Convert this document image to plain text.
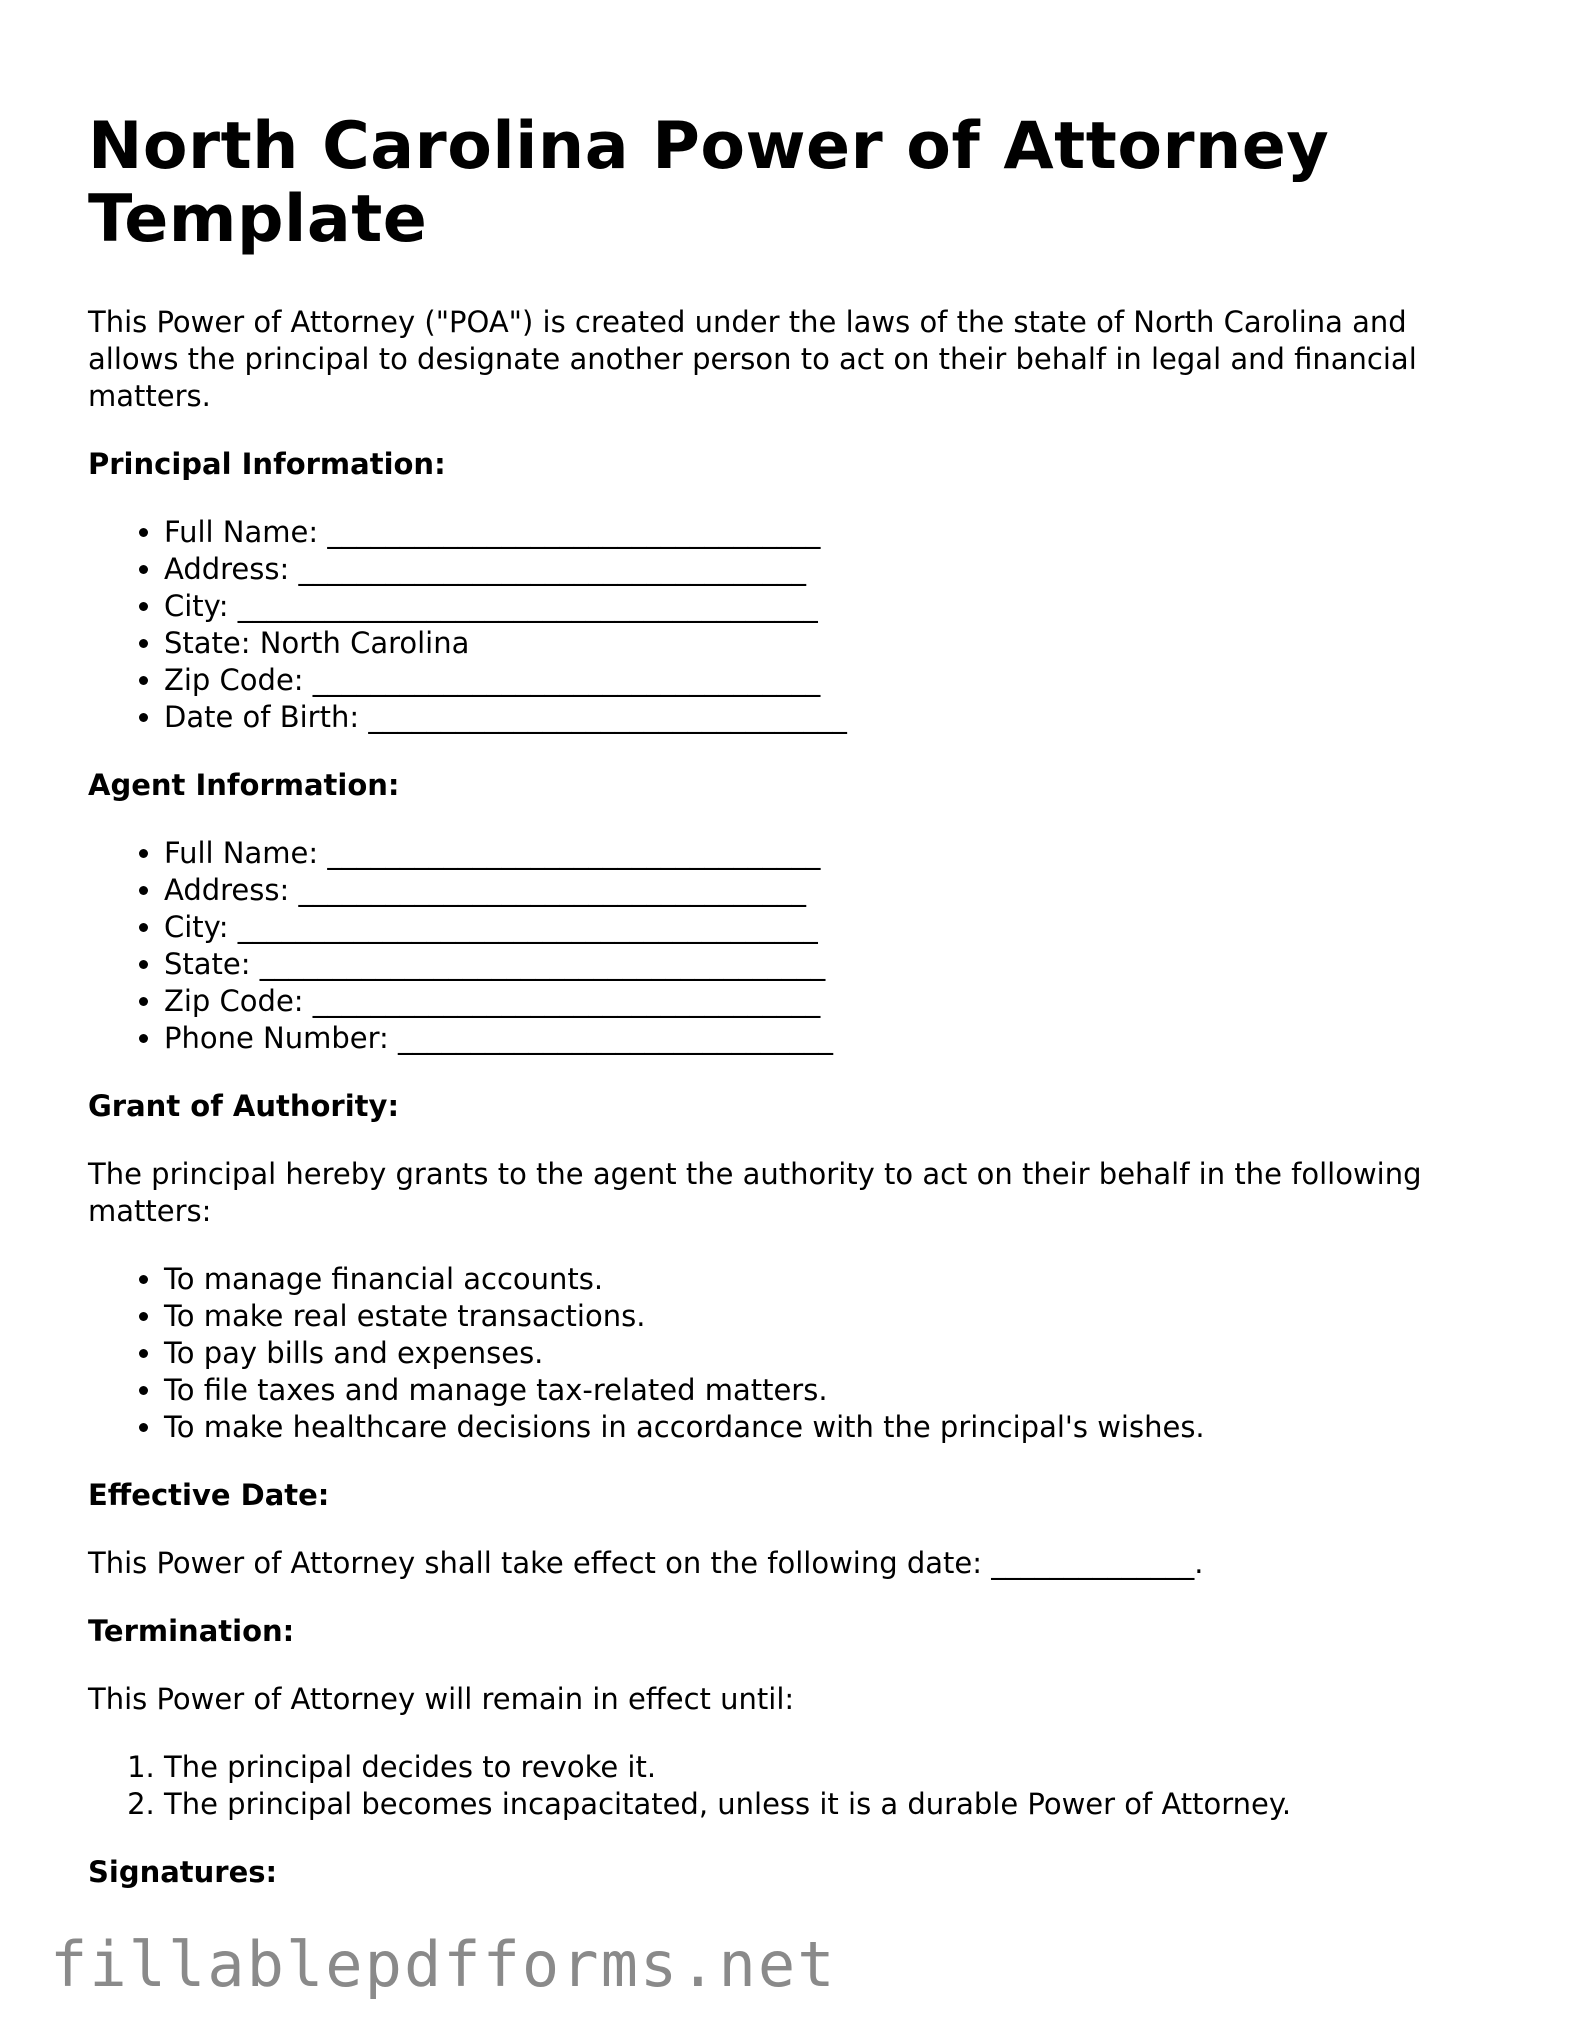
North Carolina Power of Attorney Template

This Power of Attorney ("POA") is created under the laws of the state of North Carolina and allows the principal to designate another person to act on their behalf in legal and financial matters.

Principal Information:
• Full Name: __________________________________
• Address: ___________________________________
• City: ________________________________________
• State: North Carolina
• Zip Code: ___________________________________
• Date of Birth: _________________________________
Agent Information:
• Full Name: __________________________________
• Address: ___________________________________
• City: ________________________________________
• State: _______________________________________
• Zip Code: ___________________________________
• Phone Number: ______________________________
Grant of Authority:

The principal hereby grants to the agent the authority to act on their behalf in the following matters:

• To manage financial accounts.
• To make real estate transactions.
• To pay bills and expenses.
• To file taxes and manage tax-related matters.
• To make healthcare decisions in accordance with the principal's wishes.
Effective Date:

This Power of Attorney shall take effect on the following date: ______________.

Termination:

This Power of Attorney will remain in effect until:

1. The principal decides to revoke it.
2. The principal becomes incapacitated, unless it is a durable Power of Attorney.
Signatures:
fillablepdfforms.net
